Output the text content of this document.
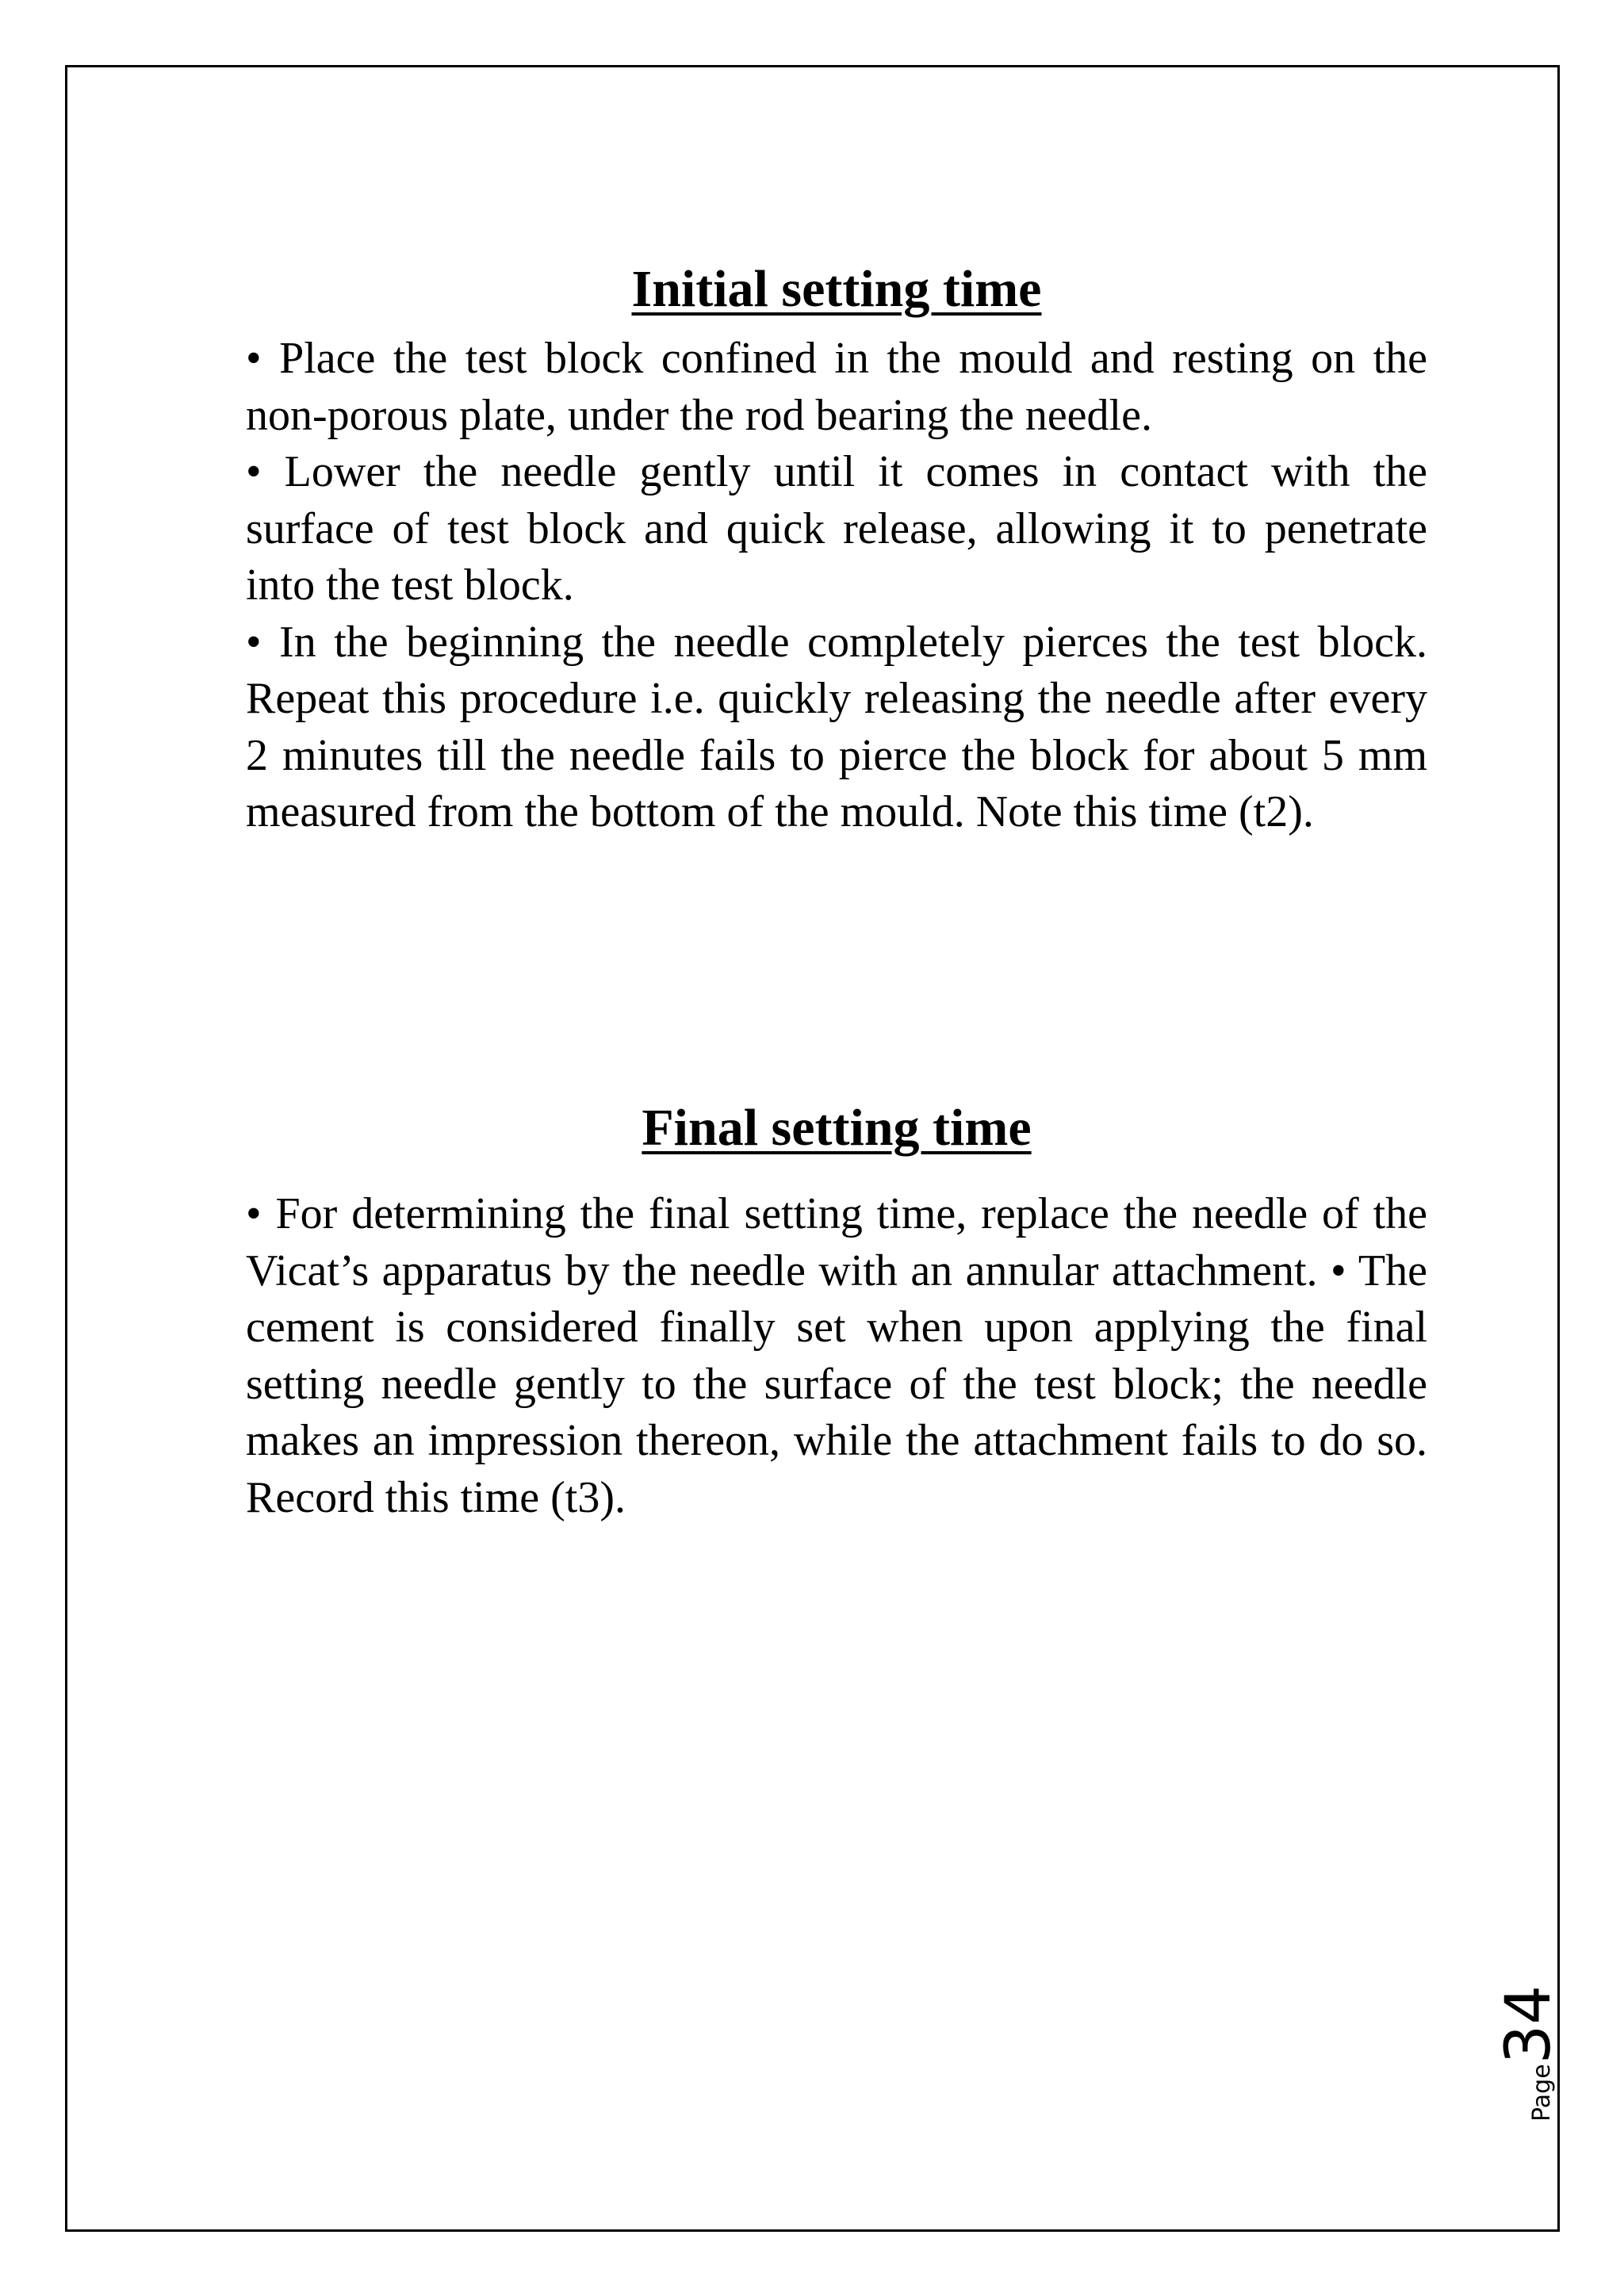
Initial setting time

• Place the test block confined in the mould and resting on the non-porous plate, under the rod bearing the needle.

• Lower the needle gently until it comes in contact with the surface of test block and quick release, allowing it to penetrate into the test block.

• In the beginning the needle completely pierces the test block. Repeat this procedure i.e. quickly releasing the needle after every 2 minutes till the needle fails to pierce the block for about 5 mm measured from the bottom of the mould. Note this time (t2).

Final setting time

• For determining the final setting time, replace the needle of the Vicat’s apparatus by the needle with an annular attachment. • The cement is considered finally set when upon applying the final setting needle gently to the surface of the test block; the needle makes an impression thereon, while the attachment fails to do so. Record this time (t3).

Page34
